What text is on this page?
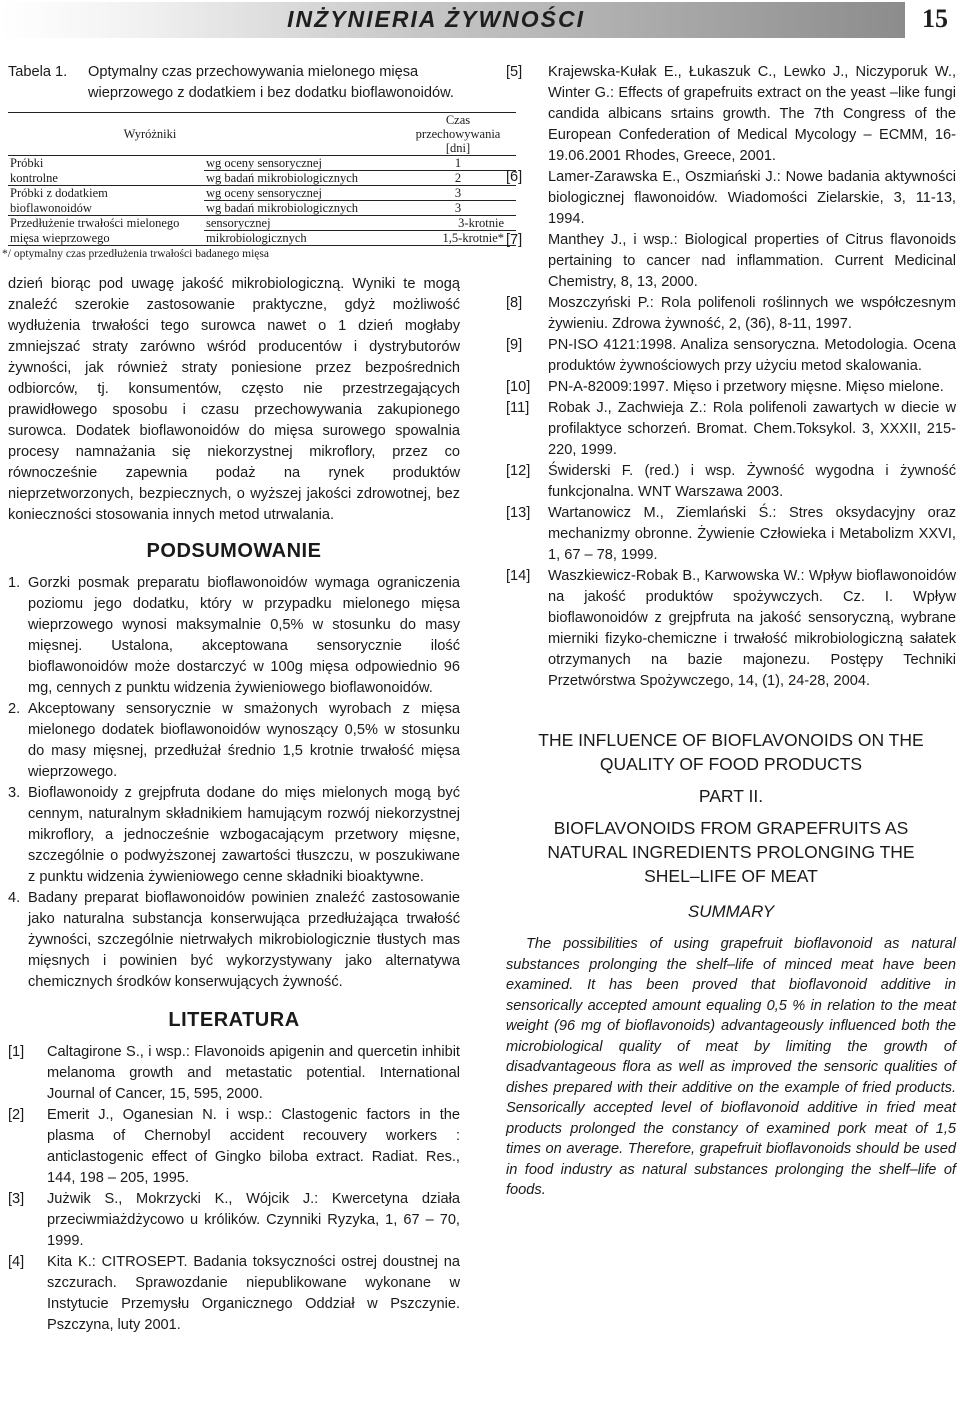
INŻYNIERIA ŻYWNOŚCI	15
Tabela 1.	Optymalny czas przechowywania mielonego mięsa wieprzowego z dodatkiem i bez dodatku bioflawonoidów.
Wyróżniki		Czas
przechowywania
[dni]

Próbki	wg oceny sensorycznej	1
kontrolne	wg badań mikrobiologicznych	2
Próbki z dodatkiem	wg oceny sensorycznej	3
bioflawonoidów	wg badań mikrobiologicznych	3
Przedłużenie trwałości mielonego	sensorycznej	3-krotnie
mięsa wieprzowego	mikrobiologicznych	1,5-krotnie*
*/ optymalny czas przedłużenia trwałości badanego mięsa

dzień biorąc pod uwagę jakość mikrobiologiczną. Wyniki te mogą znaleźć szerokie zastosowanie praktyczne, gdyż możliwość wydłużenia trwałości tego surowca nawet o 1 dzień mogłaby zmniejszać straty zarówno wśród producentów i dystrybutorów żywności, jak również straty poniesione przez bezpośrednich odbiorców, tj. konsumentów, często nie przestrzegających prawidłowego sposobu i czasu przechowywania zakupionego surowca. Dodatek bioflawonoidów do mięsa surowego spowalnia procesy namnażania się niekorzystnej mikroflory, przez co równocześnie zapewnia podaż na rynek produktów nieprzetworzonych, bezpiecznych, o wyższej jakości zdrowotnej, bez konieczności stosowania innych metod utrwalania.

PODSUMOWANIE
1. Gorzki posmak preparatu bioflawonoidów wymaga ograniczenia poziomu jego dodatku, który w przypadku mielonego mięsa wieprzowego wynosi maksymalnie 0,5% w stosunku do masy mięsnej. Ustalona, akceptowana sensorycznie ilość bioflawonoidów może dostarczyć w 100g mięsa odpowiednio 96 mg, cennych z punktu widzenia żywieniowego bioflawonoidów.
2. Akceptowany sensorycznie w smażonych wyrobach z mięsa mielonego dodatek bioflawonoidów wynoszący 0,5% w stosunku do masy mięsnej, przedłużał średnio 1,5 krotnie trwałość mięsa wieprzowego.
3. Bioflawonoidy z grejpfruta dodane do mięs mielonych mogą być cennym, naturalnym składnikiem hamującym rozwój niekorzystnej mikroflory, a jednocześnie wzbogacającym przetwory mięsne, szczególnie o podwyższonej zawartości tłuszczu, w poszukiwane z punktu widzenia żywieniowego cenne składniki bioaktywne.
4. Badany preparat bioflawonoidów powinien znaleźć zastosowanie jako naturalna substancja konserwująca przedłużająca trwałość żywności, szczególnie nietrwałych mikrobiologicznie tłustych mas mięsnych i powinien być wykorzystywany jako alternatywa chemicznych środków konserwujących żywność.
LITERATURA
[1]	Caltagirone S., i wsp.: Flavonoids apigenin and quercetin inhibit melanoma growth and metastatic potential. International Journal of Cancer, 15, 595, 2000.
[2]	Emerit J., Oganesian N. i wsp.: Clastogenic factors in the plasma of Chernobyl accident recouvery workers : anticlastogenic effect of Gingko biloba extract. Radiat. Res., 144, 198 – 205, 1995.
[3]	Jużwik S., Mokrzycki K., Wójcik J.: Kwercetyna działa przeciwmiażdżycowo u królików. Czynniki Ryzyka, 1, 67 – 70, 1999.
[4]	Kita K.: CITROSEPT. Badania toksyczności ostrej doustnej na szczurach. Sprawozdanie niepublikowane wykonane w Instytucie Przemysłu Organicznego Oddział w Pszczynie. Pszczyna, luty 2001.
[5]	Krajewska-Kułak E., Łukaszuk C., Lewko J., Niczyporuk W., Winter G.: Effects of grapefruits extract on the yeast –like fungi candida albicans srtains growth. The 7th Congress of the European Confederation of Medical Mycology – ECMM, 16-19.06.2001 Rhodes, Greece, 2001.
[6]	Lamer-Zarawska E., Oszmiański J.: Nowe badania aktywności biologicznej flawonoidów. Wiadomości Zielarskie, 3, 11-13, 1994.
[7]	Manthey J., i wsp.: Biological properties of Citrus flavonoids pertaining to cancer nad inflammation. Current Medicinal Chemistry, 8, 13, 2000.
[8]	Moszczyński P.: Rola polifenoli roślinnych we współczesnym żywieniu. Zdrowa żywność, 2, (36), 8-11, 1997.
[9]	PN-ISO 4121:1998. Analiza sensoryczna. Metodologia. Ocena produktów żywnościowych przy użyciu metod skalowania.
[10]	PN-A-82009:1997. Mięso i przetwory mięsne. Mięso mielone.
[11]	Robak J., Zachwieja Z.: Rola polifenoli zawartych w diecie w profilaktyce schorzeń. Bromat. Chem.Toksykol. 3, XXXII, 215-220, 1999.
[12]	Świderski F. (red.) i wsp. Żywność wygodna i żywność funkcjonalna. WNT Warszawa 2003.
[13]	Wartanowicz M., Ziemlański Ś.: Stres oksydacyjny oraz mechanizmy obronne. Żywienie Człowieka i Metabolizm XXVI, 1, 67 – 78, 1999.
[14]	Waszkiewicz-Robak B., Karwowska W.: Wpływ bioflawonoidów na jakość produktów spożywczych. Cz. I. Wpływ bioflawonoidów z grejpfruta na jakość sensoryczną, wybrane mierniki fizyko-chemiczne i trwałość mikrobiologiczną sałatek otrzymanych na bazie majonezu. Postępy Techniki Przetwórstwa Spożywczego, 14, (1), 24-28, 2004.
THE INFLUENCE OF BIOFLAVONOIDS ON THE
QUALITY OF FOOD PRODUCTS
PART II.
BIOFLAVONOIDS FROM GRAPEFRUITS AS
NATURAL INGREDIENTS PROLONGING THE
SHEL–LIFE OF MEAT
SUMMARY

The possibilities of using grapefruit bioflavonoid as natural substances prolonging the shelf–life of minced meat have been examined. It has been proved that bioflavonoid additive in sensorically accepted amount equaling 0,5 % in relation to the meat weight (96 mg of bioflavonoids) advantageously influenced both the microbiological quality of meat by limiting the growth of disadvantageous flora as well as improved the sensoric qualities of dishes prepared with their additive on the example of fried products. Sensorically accepted level of bioflavonoid additive in fried meat products prolonged the constancy of examined pork meat of 1,5 times on average. Therefore, grapefruit bioflavonoids should be used in food industry as natural substances prolonging the shelf–life of foods.
